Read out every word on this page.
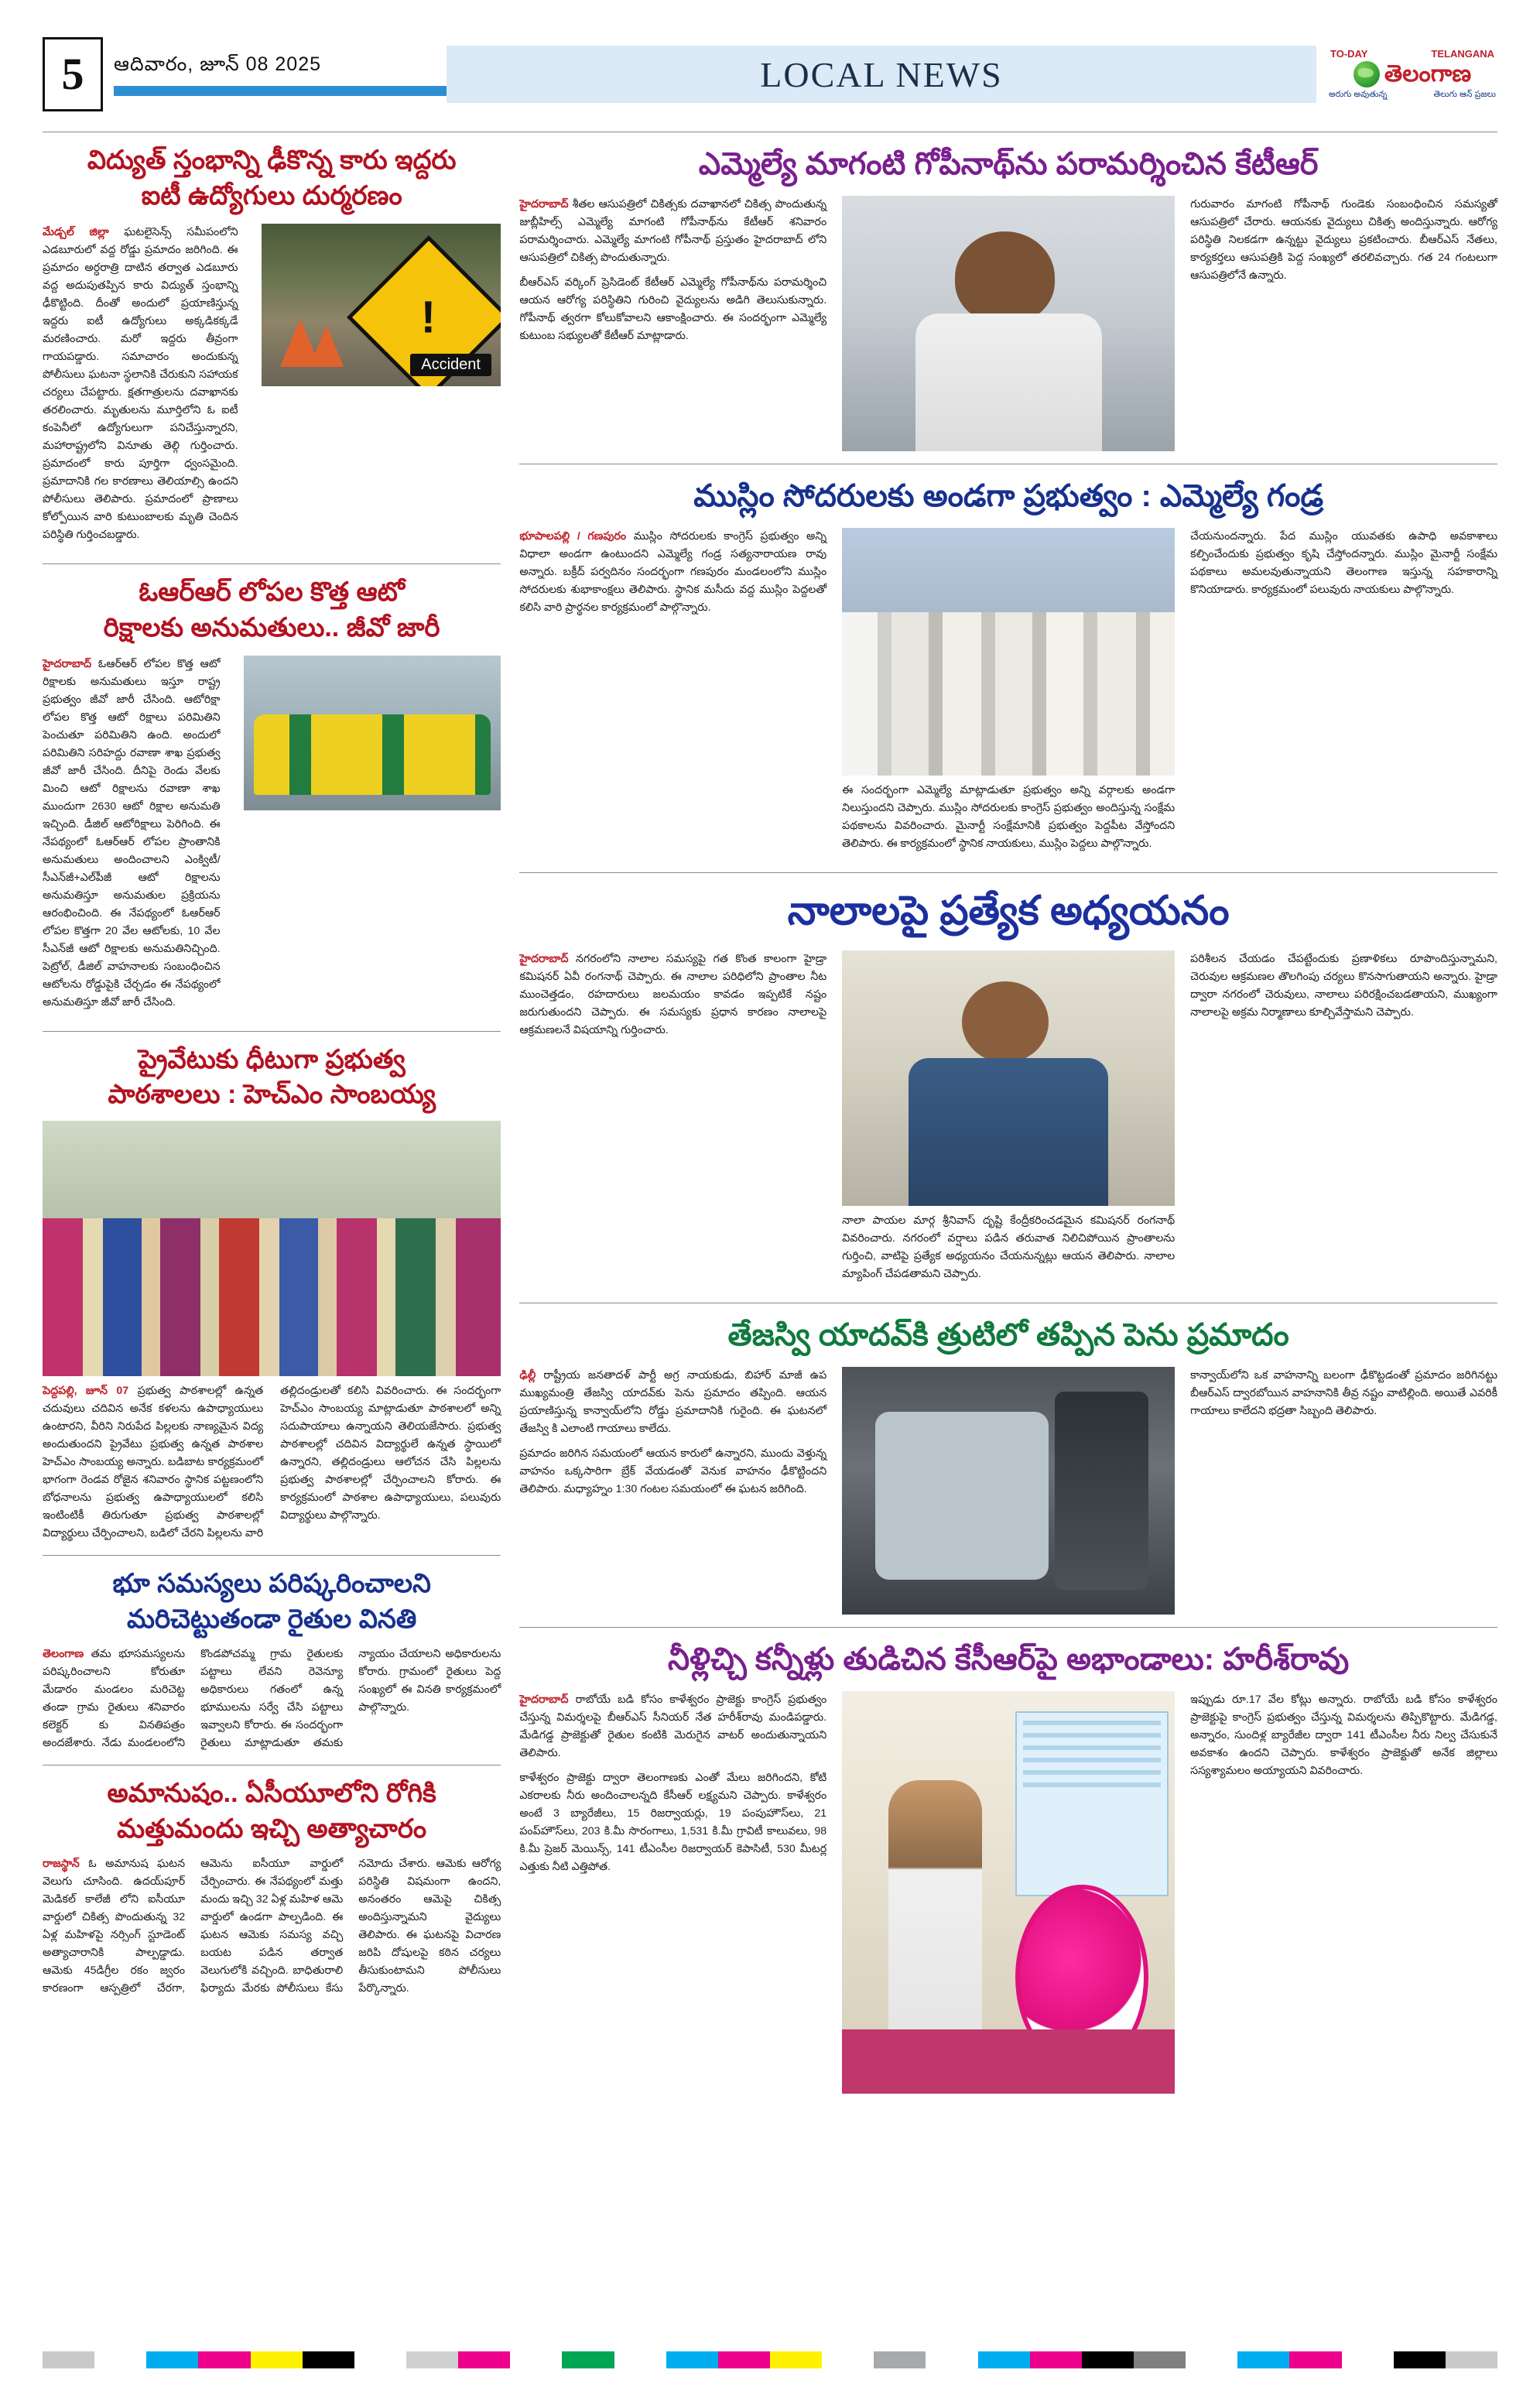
5	ఆదివారం, జూన్ 08 2025	LOCAL NEWS
TO-DAY	TELANGANA
తెలంగాణ
అరుగు అవుతున్న	తెలుగు ఆన్ ప్రజలు
విద్యుత్ స్తంభాన్ని ఢీకొన్న కారు ఇద్దరు
ఐటీ ఉద్యోగులు దుర్మరణం

మేడ్చల్‌ జిల్లా ఘటలైసెన్స్ సమీపంలోని ఎడబూరులో వద్ద రోడ్డు ప్రమాదం జరిగింది. ఈ ప్రమాదం అర్ధరాత్రి దాటిన తర్వాత ఎడబూరు వద్ద అదుపుతప్పిన కారు విద్యుత్ స్తంభాన్ని ఢీకొట్టింది. దీంతో అందులో ప్రయాణిస్తున్న ఇద్దరు ఐటీ ఉద్యోగులు అక్కడికక్కడే మరణించారు. మరో ఇద్దరు తీవ్రంగా గాయపడ్డారు. సమాచారం అందుకున్న పోలీసులు ఘటనా స్థలానికి చేరుకుని సహాయక చర్యలు చేపట్టారు. క్షతగాత్రులను దవాఖానకు తరలించారు. మృతులను మూర్తిలోని ఓ ఐటీ కంపెనీలో ఉద్యోగులుగా పనిచేస్తున్నారని, మహారాష్ట్రలోని వినూతు తెల్గి గుర్తించారు. ప్రమాదంలో కారు పూర్తిగా ధ్వంసమైంది. ప్రమాదానికి గల కారణాలు తెలియాల్సి ఉందని పోలీసులు తెలిపారు. ప్రమాదంలో ప్రాణాలు కోల్పోయిన వారి కుటుంబాలకు మృతి చెందిన పరిస్థితి గుర్తించబడ్డారు.

!
Accident
ఓఆర్ఆర్ లోపల కొత్త ఆటో
రిక్షాలకు అనుమతులు.. జీవో జారీ

హైదరాబాద్ ఓఆర్ఆర్ లోపల కొత్త ఆటో రిక్షాలకు అనుమతులు ఇస్తూ రాష్ట్ర ప్రభుత్వం జీవో జారీ చేసింది. ఆటోరిక్షా లోపల కొత్త ఆటో రిక్షాలు పరిమితిని పెంచుతూ పరిమితిని ఉంది. అందులో పరిమితిని సరిహద్దు రవాణా శాఖ ప్రభుత్వ జీవో జారీ చేసింది. దీనిపై రెండు వేలకు మించి ఆటో రిక్షాలను రవాణా శాఖ ముందుగా 2630 ఆటో రిక్షాల అనుమతి ఇచ్చింది. డీజిల్ ఆటోరిక్షాలు పెరిగింది. ఈ నేపథ్యంలో ఓఆర్ఆర్ లోపల ప్రాంతానికి అనుమతులు అందించాలని ఎంక్విటీ/సీఎన్‌జీ+ఎల్‌పీజీ ఆటో రిక్షాలను అనుమతిస్తూ అనుమతుల ప్రక్రియను ఆరంభించింది. ఈ నేపథ్యంలో ఓఆర్ఆర్ లోపల కొత్తగా 20 వేల ఆటోలకు, 10 వేల సీఎన్‌జీ ఆటో రిక్షాలకు అనుమతినిచ్చింది. పెట్రోల్, డీజిల్ వాహనాలకు సంబంధించిన ఆటోలను రోడ్డుపైకి చేర్చడం ఈ నేపథ్యంలో అనుమతిస్తూ జీవో జారీ చేసింది.

ప్రైవేటుకు ధీటుగా ప్రభుత్వ
పాఠశాలలు : హెచ్‌ఎం సాంబయ్య

పెద్దపల్లి, జూన్ 07 ప్రభుత్వ పాఠశాలల్లో ఉన్నత చదువులు చదివిన అనేక కళలను ఉపాధ్యాయులు ఉంటారని, వీరిని నిరుపేద పిల్లలకు నాణ్యమైన విద్య అందుతుందని ప్రైవేటు ప్రభుత్వ ఉన్నత పాఠశాల హెచ్‌ఎం సాంబయ్య అన్నారు. బడిబాట కార్యక్రమంలో భాగంగా రెండవ రోజైన శనివారం స్థానిక పట్టణంలోని బోధనాలను ప్రభుత్వ ఉపాధ్యాయులలో కలిసి ఇంటింటికీ తిరుగుతూ ప్రభుత్వ పాఠశాలల్లో విద్యార్థులు చేర్పించాలని, బడిలో చేరని పిల్లలను వారి తల్లిదండ్రులతో కలిసి వివరించారు. ఈ సందర్భంగా హెచ్‌ఎం సాంబయ్య మాట్లాడుతూ పాఠశాలలో అన్ని సదుపాయాలు ఉన్నాయని తెలియజేసారు. ప్రభుత్వ పాఠశాలల్లో చదివిన విద్యార్థులే ఉన్నత స్థాయిలో ఉన్నారని, తల్లిదండ్రులు ఆలోచన చేసి పిల్లలను ప్రభుత్వ పాఠశాలల్లో చేర్పించాలని కోరారు. ఈ కార్యక్రమంలో పాఠశాల ఉపాధ్యాయులు, పలువురు విద్యార్థులు పాల్గొన్నారు.

భూ సమస్యలు పరిష్కరించాలని
మరిచెట్టుతండా రైతుల వినతి

తెలంగాణ తమ భూసమస్యలను పరిష్కరించాలని కోరుతూ మేడారం మండలం మరిచెట్ట తండా గ్రామ రైతులు శనివారం కలెక్టర్ కు వినతిపత్రం అందజేశారు. నేడు మండలంలోని కొండపోచమ్మ గ్రామ రైతులకు పట్టాలు లేవని రెవెన్యూ అధికారులు గతంలో ఉన్న భూములను సర్వే చేసి పట్టాలు ఇవ్వాలని కోరారు. ఈ సందర్భంగా రైతులు మాట్లాడుతూ తమకు న్యాయం చేయాలని అధికారులను కోరారు. గ్రామంలో రైతులు పెద్ద సంఖ్యలో ఈ వినతి కార్యక్రమంలో పాల్గొన్నారు.

అమానుషం.. ఏసీయూలోని రోగికి
మత్తుమందు ఇచ్చి అత్యాచారం

రాజస్థాన్ ఓ అమానుష ఘటన వెలుగు చూసింది. ఉదయ్‌పూర్‌ మెడికల్‌ కాలేజీ లోని ఐసీయూ వార్డులో చికిత్స పొందుతున్న 32 ఏళ్ల మహిళపై నర్సింగ్‌ స్టూడెంట్‌ అత్యాచారానికి పాల్పడ్డాడు. ఆమెకు 45డిగ్రీల రకం జ్వరం కారణంగా ఆస్పత్రిలో చేరగా, ఆమెను ఐసీయూ వార్డులో చేర్పించారు. ఈ నేపథ్యంలో మత్తు మందు ఇచ్చి 32 ఏళ్ల మహిళ ఆమె వార్డులో ఉండగా పాల్పడింది. ఈ ఘటన ఆమెకు సమస్య వచ్చి బయట పడిన తర్వాత వెలుగులోకి వచ్చింది. బాధితురాలి ఫిర్యాదు మేరకు పోలీసులు కేసు నమోదు చేశారు. ఆమెకు ఆరోగ్య పరిస్థితి విషమంగా ఉందని, అనంతరం ఆమెపై చికిత్స అందిస్తున్నామని వైద్యులు తెలిపారు. ఈ ఘటనపై విచారణ జరిపి దోషులపై కఠిన చర్యలు తీసుకుంటామని పోలీసులు పేర్కొన్నారు.

ఎమ్మెల్యే మాగంటి గోపీనాథ్‌ను పరామర్శించిన కేటీఆర్

హైదరాబాద్ శీతల ఆసుపత్రిలో చికిత్సకు దవాఖానలో చికిత్స పొందుతున్న జుబ్లీహిల్స్‌ ఎమ్మెల్యే మాగంటి గోపీనాథ్‌ను కేటీఆర్ శనివారం పరామర్శించారు. ఎమ్మెల్యే మాగంటి గోపీనాథ్ ప్రస్తుతం హైదరాబాద్ లోని ఆసుపత్రిలో చికిత్స పొందుతున్నారు.

బీఆర్ఎస్ వర్కింగ్ ప్రెసిడెంట్ కేటీఆర్ ఎమ్మెల్యే గోపీనాథ్‌ను పరామర్శించి ఆయన ఆరోగ్య పరిస్థితిని గురించి వైద్యులను అడిగి తెలుసుకున్నారు. గోపీనాథ్ త్వరగా కోలుకోవాలని ఆకాంక్షించారు. ఈ సందర్భంగా ఎమ్మెల్యే కుటుంబ సభ్యులతో కేటీఆర్ మాట్లాడారు.

గురువారం మాగంటి గోపీనాథ్ గుండెకు సంబంధించిన సమస్యతో ఆసుపత్రిలో చేరారు. ఆయనకు వైద్యులు చికిత్స అందిస్తున్నారు. ఆరోగ్య పరిస్థితి నిలకడగా ఉన్నట్టు వైద్యులు ప్రకటించారు. బీఆర్ఎస్ నేతలు, కార్యకర్తలు ఆసుపత్రికి పెద్ద సంఖ్యలో తరలివచ్చారు. గత 24 గంటలుగా ఆసుపత్రిలోనే ఉన్నారు.

ముస్లిం సోదరులకు అండగా ప్రభుత్వం : ఎమ్మెల్యే గండ్ర

భూపాలపల్లి / గణపురం ముస్లిం సోదరులకు కాంగ్రెస్‌ ప్రభుత్వం అన్ని విధాలా అండగా ఉంటుందని ఎమ్మెల్యే గండ్ర సత్యనారాయణ రావు అన్నారు. బక్రీద్ పర్వదినం సందర్భంగా గణపురం మండలంలోని ముస్లిం సోదరులకు శుభాకాంక్షలు తెలిపారు. స్థానిక మసీదు వద్ద ముస్లిం పెద్దలతో కలిసి వారి ప్రార్థనల కార్యక్రమంలో పాల్గొన్నారు.

ఈ సందర్భంగా ఎమ్మెల్యే మాట్లాడుతూ ప్రభుత్వం అన్ని వర్గాలకు అండగా నిలుస్తుందని చెప్పారు. ముస్లిం సోదరులకు కాంగ్రెస్‌ ప్రభుత్వం అందిస్తున్న సంక్షేమ పథకాలను వివరించారు. మైనార్టీ సంక్షేమానికి ప్రభుత్వం పెద్దపీట వేస్తోందని తెలిపారు. ఈ కార్యక్రమంలో స్థానిక నాయకులు, ముస్లిం పెద్దలు పాల్గొన్నారు.

చేయనుందన్నారు. పేద ముస్లిం యువతకు ఉపాధి అవకాశాలు కల్పించేందుకు ప్రభుత్వం కృషి చేస్తోందన్నారు. ముస్లిం మైనార్టీ సంక్షేమ పథకాలు అమలవుతున్నాయని తెలంగాణ ఇస్తున్న సహకారాన్ని కొనియాడారు. కార్యక్రమంలో పలువురు నాయకులు పాల్గొన్నారు.

నాలాలపై ప్రత్యేక అధ్యయనం

హైదరాబాద్ నగరంలోని నాలాల సమస్యపై గత కొంత కాలంగా హైడ్రా కమిషనర్ ఏవీ రంగనాథ్ చెప్పారు. ఈ నాలాల పరిధిలోని ప్రాంతాల నీట ముంచెత్తడం, రహదారులు జలమయం కావడం ఇప్పటికే నష్టం జరుగుతుందని చెప్పారు. ఈ సమస్యకు ప్రధాన కారణం నాలాలపై ఆక్రమణలనే విషయాన్ని గుర్తించారు.

నాలా పాయల మార్గ శ్రీనివాస్ దృష్టి కేంద్రీకరించడమైన కమిషనర్ రంగనాథ్ వివరించారు. నగరంలో వర్షాలు పడిన తరువాత నిలిచిపోయిన ప్రాంతాలను గుర్తించి, వాటిపై ప్రత్యేక అధ్యయనం చేయనున్నట్లు ఆయన తెలిపారు. నాలాల మ్యాపింగ్ చేపడతామని చెప్పారు.

పరిశీలన చేయడం చేపట్టేందుకు ప్రణాళికలు రూపొందిస్తున్నామని, చెరువుల ఆక్రమణల తొలగింపు చర్యలు కొనసాగుతాయని అన్నారు. హైడ్రా ద్వారా నగరంలో చెరువులు, నాలాలు పరిరక్షించబడతాయని, ముఖ్యంగా నాలాలపై అక్రమ నిర్మాణాలు కూల్చివేస్తామని చెప్పారు.

తేజస్వి యాదవ్‌కి త్రుటిలో తప్పిన పెను ప్రమాదం

ఢిల్లీ రాష్ట్రీయ జనతాదళ్ పార్టీ అగ్ర నాయకుడు, బిహార్ మాజీ ఉప ముఖ్యమంత్రి తేజస్వి యాదవ్‌కు పెను ప్రమాదం తప్పింది. ఆయన ప్రయాణిస్తున్న కాన్వాయ్‌లోని రోడ్డు ప్రమాదానికి గురైంది. ఈ ఘటనలో తేజస్వి కి ఎలాంటి గాయాలు కాలేదు.

ప్రమాదం జరిగిన సమయంలో ఆయన కారులో ఉన్నారని, ముందు వెళ్తున్న వాహనం ఒక్కసారిగా బ్రేక్ వేయడంతో వెనుక వాహనం ఢీకొట్టిందని తెలిపారు. మధ్యాహ్నం 1:30 గంటల సమయంలో ఈ ఘటన జరిగింది.

కాన్వాయ్‌లోని ఒక వాహనాన్ని బలంగా ఢీకొట్టడంతో ప్రమాదం జరిగినట్టు బీఆర్ఎస్ ద్వారబోయిన వాహనానికి తీవ్ర నష్టం వాటిల్లింది. అయితే ఎవరికీ గాయాలు కాలేదని భద్రతా సిబ్బంది తెలిపారు.

నీళ్లిచ్చి కన్నీళ్లు తుడిచిన కేసీఆర్‌పై అభాండాలు: హరీశ్‌రావు

హైదరాబాద్ రాబోయే బడి కోసం కాళేశ్వరం ప్రాజెక్టు కాంగ్రెస్ ప్రభుత్వం చేస్తున్న విమర్శలపై బీఆర్ఎస్ సీనియర్ నేత హరీశ్‌రావు మండిపడ్డారు. మేడిగడ్డ ప్రాజెక్టుతో రైతుల కంటికి మెరుగైన వాటర్ అందుతున్నాయని తెలిపారు.

కాళేశ్వరం ప్రాజెక్టు ద్వారా తెలంగాణకు ఎంతో మేలు జరిగిందని, కోటి ఎకరాలకు నీరు అందించాలన్నది కేసీఆర్ లక్ష్యమని చెప్పారు. కాళేశ్వరం అంటే 3 బ్యారేజీలు, 15 రిజర్వాయర్లు, 19 పంపుహౌస్‌లు, 21 పంప్‌హౌస్‌లు, 203 కి.మీ సొరంగాలు, 1,531 కి.మీ గ్రావిటీ కాలువలు, 98 కి.మీ ప్రెజర్ మెయిన్స్, 141 టీఎంసీల రిజర్వాయర్ కెపాసిటీ, 530 మీటర్ల ఎత్తుకు నీటి ఎత్తిపోత.

ఇప్పుడు రూ.17 వేల కోట్లు అన్నారు. రాబోయే బడి కోసం కాళేశ్వరం ప్రాజెక్టుపై కాంగ్రెస్ ప్రభుత్వం చేస్తున్న విమర్శలను తిప్పికొట్టారు. మేడిగడ్డ, అన్నారం, సుందిళ్ల బ్యారేజీల ద్వారా 141 టీఎంసీల నీరు నిల్వ చేసుకునే అవకాశం ఉందని చెప్పారు. కాళేశ్వరం ప్రాజెక్టుతో అనేక జిల్లాలు సస్యశ్యామలం అయ్యాయని వివరించారు.
